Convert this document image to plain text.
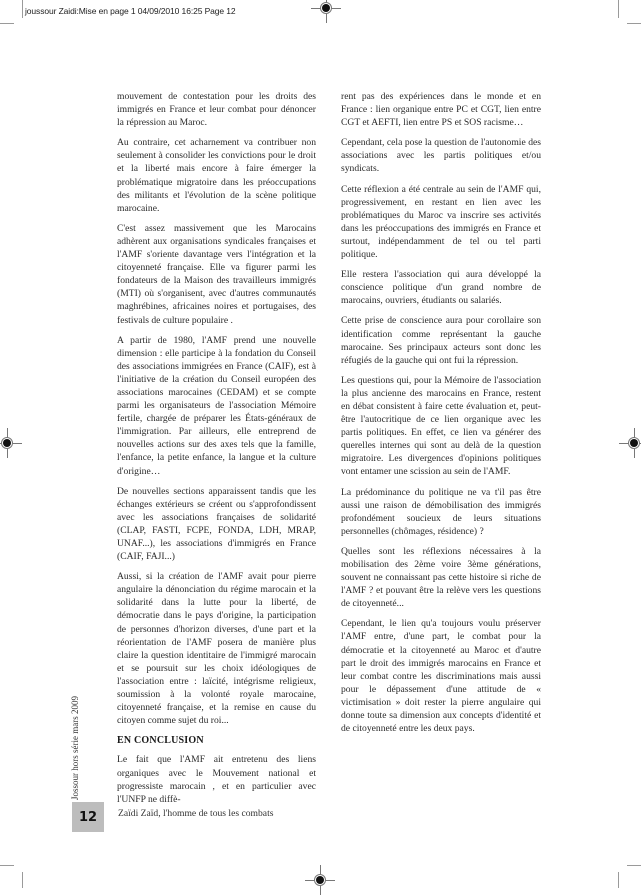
joussour Zaidi:Mise en page 1 04/09/2010 16:25 Page 12

mouvement de contestation pour les droits des immigrés en France et leur combat pour dénoncer la répression au Maroc.

Au contraire, cet acharnement va contribuer non seulement à consolider les convictions pour le droit et la liberté mais encore à faire émerger la problématique migratoire dans les préoccupations des militants et l'évolution de la scène politique marocaine.

C'est assez massivement que les Marocains adhèrent aux organisations syndicales françaises et l'AMF s'oriente davantage vers l'intégration et la citoyenneté française. Elle va figurer parmi les fondateurs de la Maison des travailleurs immigrés (MTI) où s'organisent, avec d'autres communautés maghrébines, africaines noires et portugaises, des festivals de culture populaire .

A partir de 1980, l'AMF prend une nouvelle dimension : elle participe à la fondation du Conseil des associations immigrées en France (CAIF), est à l'initiative de la création du Conseil européen des associations marocaines (CEDAM) et se compte parmi les organisateurs de l'association Mémoire fertile, chargée de préparer les États-généraux de l'immigration. Par ailleurs, elle entreprend de nouvelles actions sur des axes tels que la famille, l'enfance, la petite enfance, la langue et la culture d'origine…

De nouvelles sections apparaissent tandis que les échanges extérieurs se créent ou s'approfondissent avec les associations françaises de solidarité (CLAP, FASTI, FCPE, FONDA, LDH, MRAP, UNAF...), les associations d'immigrés en France (CAIF, FAJI...)

Aussi, si la création de l'AMF avait pour pierre angulaire la dénonciation du régime marocain et la solidarité dans la lutte pour la liberté, de démocratie dans le pays d'origine, la participation de personnes d'horizon diverses, d'une part et la réorientation de l'AMF posera de manière plus claire la question identitaire de l'immigré marocain et se poursuit sur les choix idéologiques de l'association entre : laïcité, intégrisme religieux, soumission à la volonté royale marocaine, citoyenneté française, et la remise en cause du citoyen comme sujet du roi...

EN CONCLUSION

Le fait que l'AMF ait entretenu des liens organiques avec le Mouvement national et progressiste marocain , et en particulier avec l'UNFP ne diffè-

rent pas des expériences dans le monde et en France : lien organique entre PC et CGT, lien entre CGT et AEFTI, lien entre PS et SOS racisme…

Cependant, cela pose la question de l'autonomie des associations avec les partis politiques et/ou syndicats.

Cette réflexion a été centrale au sein de l'AMF qui, progressivement, en restant en lien avec les problématiques du Maroc va inscrire ses activités dans les préoccupations des immigrés en France et surtout, indépendamment de tel ou tel parti politique.

Elle restera l'association qui aura développé la conscience politique d'un grand nombre de marocains, ouvriers, étudiants ou salariés.

Cette prise de conscience aura pour corollaire son identification comme représentant la gauche marocaine. Ses principaux acteurs sont donc les réfugiés de la gauche qui ont fui la répression.

Les questions qui, pour la Mémoire de l'association la plus ancienne des marocains en France, restent en débat consistent à faire cette évaluation et, peut-être l'autocritique de ce lien organique avec les partis politiques. En effet, ce lien va générer des querelles internes qui sont au delà de la question migratoire. Les divergences d'opinions politiques vont entamer une scission au sein de l'AMF.

La prédominance du politique ne va t'il pas être aussi une raison de démobilisation des immigrés profondément soucieux de leurs situations personnelles (chômages, résidence) ?

Quelles sont les réflexions nécessaires à la mobilisation des 2ème voire 3ème générations, souvent ne connaissant pas cette histoire si riche de l'AMF ? et pouvant être la relève vers les questions de citoyenneté...

Cependant, le lien qu'a toujours voulu préserver l'AMF entre, d'une part, le combat pour la démocratie et la citoyenneté au Maroc et d'autre part le droit des immigrés marocains en France et leur combat contre les discriminations mais aussi pour le dépassement d'une attitude de « victimisation » doit rester la pierre angulaire qui donne toute sa dimension aux concepts d'identité et de citoyenneté entre les deux pays.

Jossour hors série mars 2009
12 Zaïdi Zaïd, l'homme de tous les combats
